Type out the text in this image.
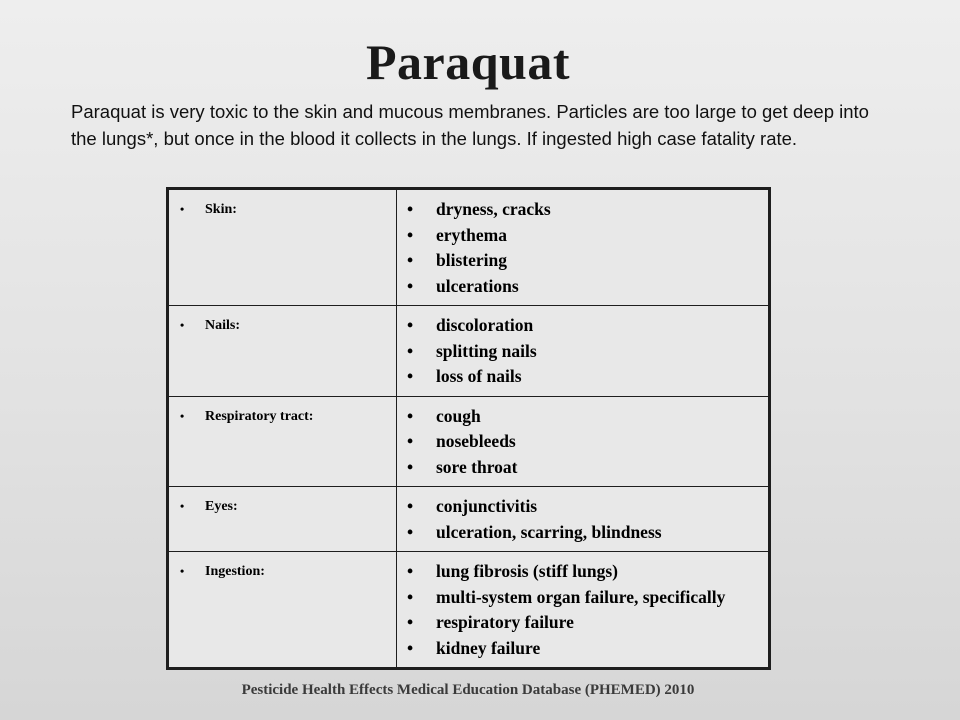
Paraquat
Paraquat is very toxic to the skin and mucous membranes. Particles are too large to get deep into the lungs*, but once in the blood it collects in the lungs. If ingested high case fatality rate.
•	Skin:	•	dryness, cracks
•	erythema
•	blistering
•	ulcerations
•	Nails:	•	discoloration
•	splitting nails
•	loss of nails
•	Respiratory tract:	•	cough
•	nosebleeds
•	sore throat
•	Eyes:	•	conjunctivitis
•	ulceration, scarring, blindness
•	Ingestion:	•	lung fibrosis (stiff lungs)
•	multi-system organ failure, specifically
•	respiratory failure
•	kidney failure
Pesticide Health Effects Medical Education Database (PHEMED) 2010
